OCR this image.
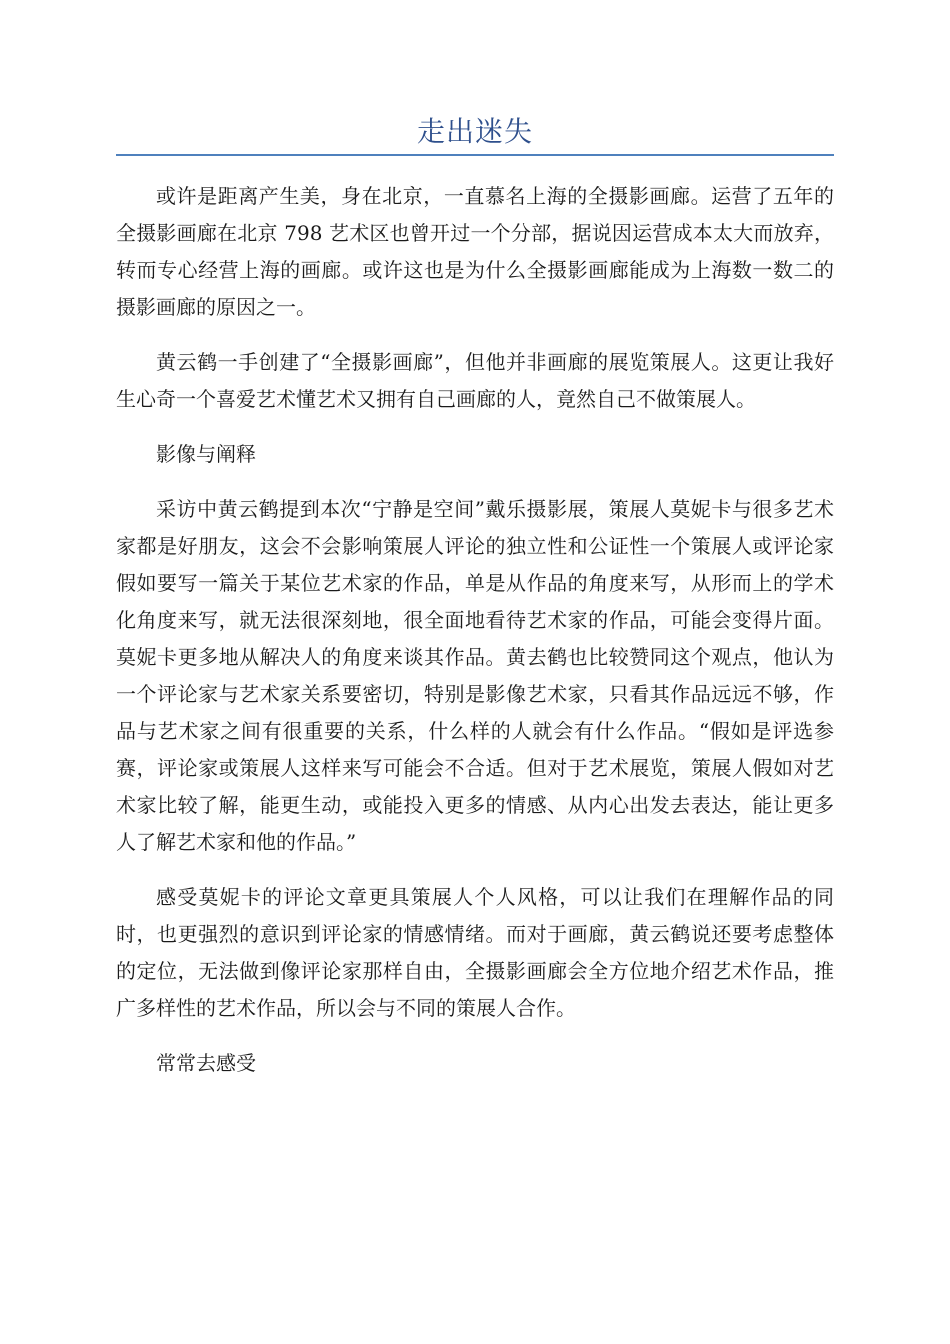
走出迷失

或许是距离产生美，身在北京，一直慕名上海的全摄影画廊。运营了五年的全摄影画廊在北京 798 艺术区也曾开过一个分部，据说因运营成本太大而放弃，转而专心经营上海的画廊。或许这也是为什么全摄影画廊能成为上海数一数二的摄影画廊的原因之一。

黄云鹤一手创建了“全摄影画廊”，但他并非画廊的展览策展人。这更让我好生心奇一个喜爱艺术懂艺术又拥有自己画廊的人，竟然自己不做策展人。

影像与阐释

采访中黄云鹤提到本次“宁静是空间”戴乐摄影展，策展人莫妮卡与很多艺术家都是好朋友，这会不会影响策展人评论的独立性和公证性一个策展人或评论家假如要写一篇关于某位艺术家的作品，单是从作品的角度来写，从形而上的学术化角度来写，就无法很深刻地，很全面地看待艺术家的作品，可能会变得片面。莫妮卡更多地从解决人的角度来谈其作品。黄去鹤也比较赞同这个观点，他认为一个评论家与艺术家关系要密切，特别是影像艺术家，只看其作品远远不够，作品与艺术家之间有很重要的关系，什么样的人就会有什么作品。“假如是评选参赛，评论家或策展人这样来写可能会不合适。但对于艺术展览，策展人假如对艺术家比较了解，能更生动，或能投入更多的情感、从内心出发去表达，能让更多人了解艺术家和他的作品。”

感受莫妮卡的评论文章更具策展人个人风格，可以让我们在理解作品的同时，也更强烈的意识到评论家的情感情绪。而对于画廊，黄云鹤说还要考虑整体的定位，无法做到像评论家那样自由，全摄影画廊会全方位地介绍艺术作品，推广多样性的艺术作品，所以会与不同的策展人合作。

常常去感受
